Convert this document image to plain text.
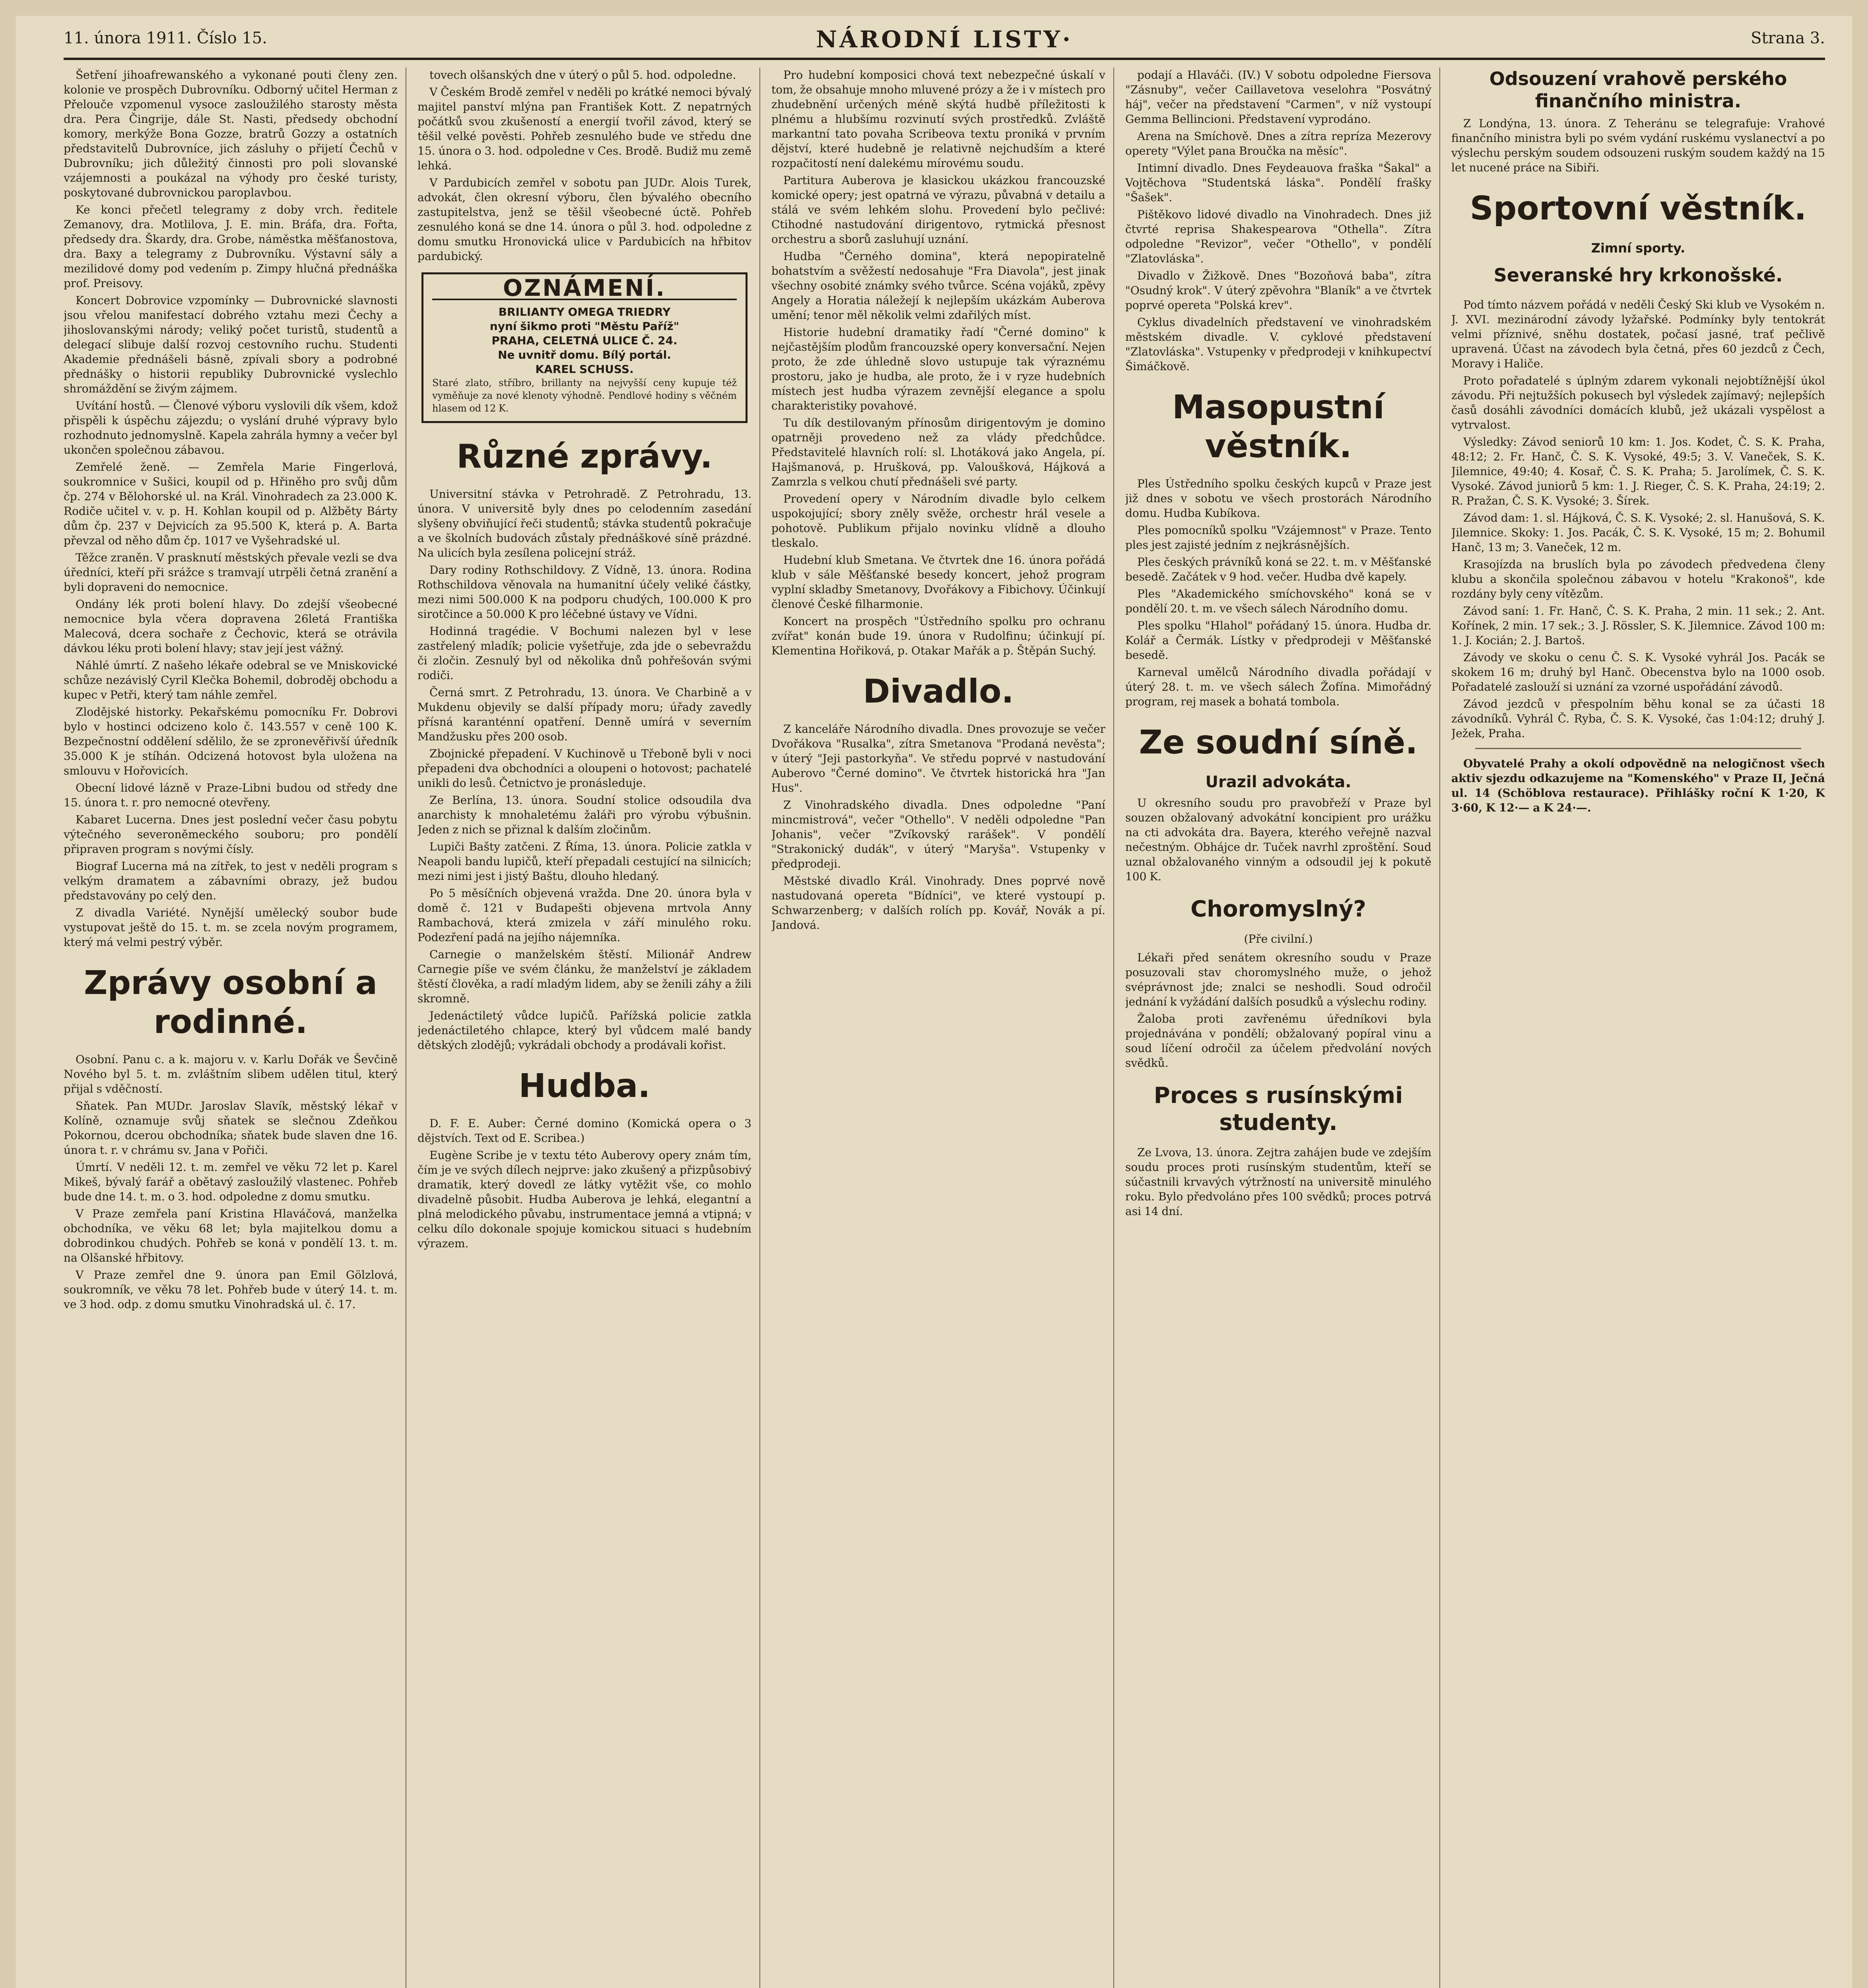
11. února 1911. Číslo 15.	NÁRODNÍ LISTY·	Strana 3.

Šetření jihoafrewanského a vykonané pouti členy zen. kolonie ve prospěch Dubrovníku. Odborný učitel Herman z Přelouče vzpomenul vysoce zasloužilého starosty města dra. Pera Čingrije, dále St. Nasti, předsedy obchodní komory, merkýže Bona Gozze, bratrů Gozzy a ostatních představitelů Dubrovníce, jich zásluhy o přijetí Čechů v Dubrovníku; jich důležitý činnosti pro poli slovanské vzájemnosti a poukázal na výhody pro české turisty, poskytované dubrovnickou paroplavbou.

Ke konci přečetl telegramy z doby vrch. ředitele Zemanovy, dra. Motlilova, J. E. min. Bráfa, dra. Fořta, předsedy dra. Škardy, dra. Grobe, náměstka měšťanostova, dra. Baxy a telegramy z Dubrovníku. Výstavní sály a mezilidové domy pod vedením p. Zimpy hlučná přednáška prof. Preisovy.

Koncert Dobrovice vzpomínky — Dubrovnické slavnosti jsou vřelou manifestací dobrého vztahu mezi Čechy a jihoslovanskými národy; veliký počet turistů, studentů a delegací slibuje další rozvoj cestovního ruchu. Studenti Akademie přednášeli básně, zpívali sbory a podrobné přednášky o historii republiky Dubrovnické vyslechlo shromáždění se živým zájmem.

Uvítání hostů. — Členové výboru vyslovili dík všem, kdož přispěli k úspěchu zájezdu; o vyslání druhé výpravy bylo rozhodnuto jednomyslně. Kapela zahrála hymny a večer byl ukončen společnou zábavou.

Zemřelé ženě. — Zemřela Marie Fingerlová, soukromnice v Sušici, koupil od p. Hřiněho pro svůj dům čp. 274 v Bělohorské ul. na Král. Vinohradech za 23.000 K. Rodiče učitel v. v. p. H. Kohlan koupil od p. Alžběty Bárty dům čp. 237 v Dejvicích za 95.500 K, která p. A. Barta převzal od něho dům čp. 1017 ve Vyšehradské ul.

Těžce zraněn. V prasknutí městských převale vezli se dva úředníci, kteří při srážce s tramvají utrpěli četná zranění a byli dopraveni do nemocnice.

Ondány lék proti bolení hlavy. Do zdejší všeobecné nemocnice byla včera dopravena 26letá Františka Malecová, dcera sochaře z Čechovic, která se otrávila dávkou léku proti bolení hlavy; stav její jest vážný.

Náhlé úmrtí. Z našeho lékaře odebral se ve Mniskovické schůze nezávislý Cyril Klečka Bohemil, dobroděj obchodu a kupec v Petři, který tam náhle zemřel.

Zlodějské historky. Pekařskému pomocníku Fr. Dobrovi bylo v hostinci odcizeno kolo č. 143.557 v ceně 100 K. Bezpečnostní oddělení sdělilo, že se zpronevěřivší úředník 35.000 K je stíhán. Odcizená hotovost byla uložena na smlouvu v Hořovicích.

Obecní lidové lázně v Praze-Libni budou od středy dne 15. února t. r. pro nemocné otevřeny.

Kabaret Lucerna. Dnes jest poslední večer času pobytu výtečného severoněmeckého souboru; pro pondělí připraven program s novými čísly.

Biograf Lucerna má na zítřek, to jest v neděli program s velkým dramatem a zábavními obrazy, jež budou představovány po celý den.

Z divadla Variété. Nynější umělecký soubor bude vystupovat ještě do 15. t. m. se zcela novým programem, který má velmi pestrý výběr.

Zprávy osobní a rodinné.

Osobní. Panu c. a k. majoru v. v. Karlu Dořák ve Ševčině Nového byl 5. t. m. zvláštním slibem udělen titul, který přijal s vděčností.

Sňatek. Pan MUDr. Jaroslav Slavík, městský lékař v Kolíně, oznamuje svůj sňatek se slečnou Zdeňkou Pokornou, dcerou obchodníka; sňatek bude slaven dne 16. února t. r. v chrámu sv. Jana v Pořiči.

Úmrtí. V neděli 12. t. m. zemřel ve věku 72 let p. Karel Mikeš, bývalý farář a obětavý zasloužilý vlastenec. Pohřeb bude dne 14. t. m. o 3. hod. odpoledne z domu smutku.

V Praze zemřela paní Kristina Hlaváčová, manželka obchodníka, ve věku 68 let; byla majitelkou domu a dobrodinkou chudých. Pohřeb se koná v pondělí 13. t. m. na Olšanské hřbitovy.

V Praze zemřel dne 9. února pan Emil Gölzlová, soukromník, ve věku 78 let. Pohřeb bude v úterý 14. t. m. ve 3 hod. odp. z domu smutku Vinohradská ul. č. 17.

tovech olšanských dne v úterý o půl 5. hod. odpoledne.

V Českém Brodě zemřel v neděli po krátké nemoci bývalý majitel panství mlýna pan František Kott. Z nepatrných počátků svou zkušeností a energií tvořil závod, který se těšil velké pověsti. Pohřeb zesnulého bude ve středu dne 15. února o 3. hod. odpoledne v Ces. Brodě. Budiž mu země lehká.

V Pardubicích zemřel v sobotu pan JUDr. Alois Turek, advokát, člen okresní výboru, člen bývalého obecního zastupitelstva, jenž se těšil všeobecné úctě. Pohřeb zesnulého koná se dne 14. února o půl 3. hod. odpoledne z domu smutku Hronovická ulice v Pardubicích na hřbitov pardubický.

OZNÁMENÍ.
BRILIANTY OMEGA TRIEDRY
nyní šikmo proti "Městu Paříž"
PRAHA, CELETNÁ ULICE Č. 24.
Ne uvnitř domu. Bílý portál.
KAREL SCHUSS.
Staré zlato, stříbro, brillanty na nejvyšší ceny kupuje též vyměňuje za nové klenoty výhodně. Pendlové hodiny s věčném hlasem od 12 K.
Různé zprávy.

Universitní stávka v Petrohradě. Z Petrohradu, 13. února. V universitě byly dnes po celodenním zasedání slyšeny obviňující řeči studentů; stávka studentů pokračuje a ve školních budovách zůstaly přednáškové síně prázdné. Na ulicích byla zesílena policejní stráž.

Dary rodiny Rothschildovy. Z Vídně, 13. února. Rodina Rothschildova věnovala na humanitní účely veliké částky, mezi nimi 500.000 K na podporu chudých, 100.000 K pro sirotčince a 50.000 K pro léčebné ústavy ve Vídni.

Hodinná tragédie. V Bochumi nalezen byl v lese zastřelený mladík; policie vyšetřuje, zda jde o sebevraždu či zločin. Zesnulý byl od několika dnů pohřešován svými rodiči.

Černá smrt. Z Petrohradu, 13. února. Ve Charbině a v Mukdenu objevily se další případy moru; úřady zavedly přísná karanténní opatření. Denně umírá v severním Mandžusku přes 200 osob.

Zbojnické přepadení. V Kuchinově u Třeboně byli v noci přepadeni dva obchodníci a oloupeni o hotovost; pachatelé unikli do lesů. Četnictvo je pronásleduje.

Ze Berlína, 13. února. Soudní stolice odsoudila dva anarchisty k mnohaletému žaláři pro výrobu výbušnin. Jeden z nich se přiznal k dalším zločinům.

Lupiči Bašty zatčeni. Z Říma, 13. února. Policie zatkla v Neapoli bandu lupičů, kteří přepadali cestující na silnicích; mezi nimi jest i jistý Baštu, dlouho hledaný.

Po 5 měsíčních objevená vražda. Dne 20. února byla v domě č. 121 v Budapešti objevena mrtvola Anny Rambachová, která zmizela v září minulého roku. Podezření padá na jejího nájemníka.

Carnegie o manželském štěstí. Milionář Andrew Carnegie píše ve svém článku, že manželství je základem štěstí člověka, a radí mladým lidem, aby se ženili záhy a žili skromně.

Jedenáctiletý vůdce lupičů. Pařížská policie zatkla jedenáctiletého chlapce, který byl vůdcem malé bandy dětských zlodějů; vykrádali obchody a prodávali kořist.

Hudba.

D. F. E. Auber: Černé domino (Komická opera o 3 dějstvích. Text od E. Scribea.)

Eugène Scribe je v textu této Auberovy opery znám tím, čím je ve svých dílech nejprve: jako zkušený a přizpůsobivý dramatik, který dovedl ze látky vytěžit vše, co mohlo divadelně působit. Hudba Auberova je lehká, elegantní a plná melodického půvabu, instrumentace jemná a vtipná; v celku dílo dokonale spojuje komickou situaci s hudebním výrazem.

Pro hudební komposici chová text nebezpečné úskalí v tom, že obsahuje mnoho mluvené prózy a že i v místech pro zhudebnění určených méně skýtá hudbě příležitosti k plnému a hlubšímu rozvinutí svých prostředků. Zvláště markantní tato povaha Scribeova textu proniká v prvním dějství, které hudebně je relativně nejchudším a které rozpačitostí není dalekému mírovému soudu.

Partitura Auberova je klasickou ukázkou francouzské komické opery; jest opatrná ve výrazu, půvabná v detailu a stálá ve svém lehkém slohu. Provedení bylo pečlivé: Ctihodné nastudování dirigentovo, rytmická přesnost orchestru a sborů zasluhují uznání.

Hudba "Černého domina", která nepopiratelně bohatstvím a svěžestí nedosahuje "Fra Diavola", jest jinak všechny osobité známky svého tvůrce. Scéna vojáků, zpěvy Angely a Horatia náležejí k nejlepším ukázkám Auberova umění; tenor měl několik velmi zdařilých míst.

Historie hudební dramatiky řadí "Černé domino" k nejčastějším plodům francouzské opery konversační. Nejen proto, že zde úhledně slovo ustupuje tak výraznému prostoru, jako je hudba, ale proto, že i v ryze hudebních místech jest hudba výrazem zevnější elegance a spolu charakteristiky povahové.

Tu dík destilovaným přínosům dirigentovým je domino opatrněji provedeno než za vlády předchůdce. Představitelé hlavních rolí: sl. Lhotáková jako Angela, pí. Hajšmanová, p. Hrušková, pp. Valoušková, Hájková a Zamrzla s velkou chutí přednášeli své party.

Provedení opery v Národním divadle bylo celkem uspokojující; sbory zněly svěže, orchestr hrál vesele a pohotově. Publikum přijalo novinku vlídně a dlouho tleskalo.

Hudební klub Smetana. Ve čtvrtek dne 16. února pořádá klub v sále Měšťanské besedy koncert, jehož program vyplní skladby Smetanovy, Dvořákovy a Fibichovy. Účinkují členové České filharmonie.

Koncert na prospěch "Ústředního spolku pro ochranu zvířat" konán bude 19. února v Rudolfinu; účinkují pí. Klementina Hořiková, p. Otakar Mařák a p. Štěpán Suchý.

Divadlo.

Z kanceláře Národního divadla. Dnes provozuje se večer Dvořákova "Rusalka", zítra Smetanova "Prodaná nevěsta"; v úterý "Jeji pastorkyňa". Ve středu poprvé v nastudování Auberovo "Černé domino". Ve čtvrtek historická hra "Jan Hus".

Z Vinohradského divadla. Dnes odpoledne "Paní mincmistrová", večer "Othello". V neděli odpoledne "Pan Johanis", večer "Zvíkovský rarášek". V pondělí "Strakonický dudák", v úterý "Maryša". Vstupenky v předprodeji.

Městské divadlo Král. Vinohrady. Dnes poprvé nově nastudovaná opereta "Bídníci", ve které vystoupí p. Schwarzenberg; v dalších rolích pp. Kovář, Novák a pí. Jandová.

podají a Hlaváči. (IV.) V sobotu odpoledne Fiersova "Zásnuby", večer Caillavetova veselohra "Posvátný háj", večer na představení "Carmen", v níž vystoupí Gemma Bellincioni. Představení vyprodáno.

Arena na Smíchově. Dnes a zítra repríza Mezerovy operety "Výlet pana Broučka na měsíc".

Intimní divadlo. Dnes Feydeauova fraška "Šakal" a Vojtěchova "Studentská láska". Pondělí frašky "Šašek".

Pištěkovo lidové divadlo na Vinohradech. Dnes již čtvrté reprisa Shakespearova "Othella". Zítra odpoledne "Revizor", večer "Othello", v pondělí "Zlatovláska".

Divadlo v Žižkově. Dnes "Bozoňová baba", zítra "Osudný krok". V úterý zpěvohra "Blaník" a ve čtvrtek poprvé opereta "Polská krev".

Cyklus divadelních představení ve vinohradském městském divadle. V. cyklové představení "Zlatovláska". Vstupenky v předprodeji v knihkupectví Šimáčkově.

Masopustní věstník.

Ples Ústředního spolku českých kupců v Praze jest již dnes v sobotu ve všech prostorách Národního domu. Hudba Kubíkova.

Ples pomocníků spolku "Vzájemnost" v Praze. Tento ples jest zajisté jedním z nejkrásnějších.

Ples českých právníků koná se 22. t. m. v Měšťanské besedě. Začátek v 9 hod. večer. Hudba dvě kapely.

Ples "Akademického smíchovského" koná se v pondělí 20. t. m. ve všech sálech Národního domu.

Ples spolku "Hlahol" pořádaný 15. února. Hudba dr. Kolář a Čermák. Lístky v předprodeji v Měšťanské besedě.

Karneval umělců Národního divadla pořádají v úterý 28. t. m. ve všech sálech Žofína. Mimořádný program, rej masek a bohatá tombola.

Ze soudní síně.
Urazil advokáta.

U okresního soudu pro pravobřeží v Praze byl souzen obžalovaný advokátní koncipient pro urážku na cti advokáta dra. Bayera, kterého veřejně nazval nečestným. Obhájce dr. Tuček navrhl zproštění. Soud uznal obžalovaného vinným a odsoudil jej k pokutě 100 K.

Choromyslný?
(Pře civilní.)

Lékaři před senátem okresního soudu v Praze posuzovali stav choromyslného muže, o jehož svéprávnost jde; znalci se neshodli. Soud odročil jednání k vyžádání dalších posudků a výslechu rodiny.

Žaloba proti zavřenému úředníkovi byla projednávána v pondělí; obžalovaný popíral vinu a soud líčení odročil za účelem předvolání nových svědků.

Proces s rusínskými studenty.

Ze Lvova, 13. února. Zejtra zahájen bude ve zdejším soudu proces proti rusínským studentům, kteří se súčastnili krvavých výtržností na universitě minulého roku. Bylo předvoláno přes 100 svědků; proces potrvá asi 14 dní.

Odsouzení vrahově perského finančního ministra.

Z Londýna, 13. února. Z Teheránu se telegrafuje: Vrahové finančního ministra byli po svém vydání ruskému vyslanectví a po výslechu perským soudem odsouzeni ruským soudem každý na 15 let nucené práce na Sibiři.

Sportovní věstník.
Zimní sporty.
Severanské hry krkonošské.

Pod tímto názvem pořádá v neděli Český Ski klub ve Vysokém n. J. XVI. mezinárodní závody lyžařské. Podmínky byly tentokrát velmi příznivé, sněhu dostatek, počasí jasné, trať pečlivě upravená. Účast na závodech byla četná, přes 60 jezdců z Čech, Moravy i Haliče.

Proto pořadatelé s úplným zdarem vykonali nejobtížnější úkol závodu. Při nejtužších pokusech byl výsledek zajímavý; nejlepších časů dosáhli závodníci domácích klubů, jež ukázali vyspělost a vytrvalost.

Výsledky: Závod seniorů 10 km: 1. Jos. Kodet, Č. S. K. Praha, 48:12; 2. Fr. Hanč, Č. S. K. Vysoké, 49:5; 3. V. Vaneček, S. K. Jilemnice, 49:40; 4. Kosař, Č. S. K. Praha; 5. Jarolímek, Č. S. K. Vysoké. Závod juniorů 5 km: 1. J. Rieger, Č. S. K. Praha, 24:19; 2. R. Pražan, Č. S. K. Vysoké; 3. Šírek.

Závod dam: 1. sl. Hájková, Č. S. K. Vysoké; 2. sl. Hanušová, S. K. Jilemnice. Skoky: 1. Jos. Pacák, Č. S. K. Vysoké, 15 m; 2. Bohumil Hanč, 13 m; 3. Vaneček, 12 m.

Krasojízda na bruslích byla po závodech předvedena členy klubu a skončila společnou zábavou v hotelu "Krakonoš", kde rozdány byly ceny vítězům.

Závod saní: 1. Fr. Hanč, Č. S. K. Praha, 2 min. 11 sek.; 2. Ant. Kořínek, 2 min. 17 sek.; 3. J. Rössler, S. K. Jilemnice. Závod 100 m: 1. J. Kocián; 2. J. Bartoš.

Závody ve skoku o cenu Č. S. K. Vysoké vyhrál Jos. Pacák se skokem 16 m; druhý byl Hanč. Obecenstva bylo na 1000 osob. Pořadatelé zaslouží si uznání za vzorné uspořádání závodů.

Závod jezdců v přespolním běhu konal se za účasti 18 závodníků. Vyhrál Č. Ryba, Č. S. K. Vysoké, čas 1:04:12; druhý J. Ježek, Praha.

Obyvatelé Prahy a okolí odpovědně na nelogičnost všech aktiv sjezdu odkazujeme na "Komenského" v Praze II, Ječná ul. 14 (Schöblova restaurace). Přihlášky roční K 1·20, K 3·60, K 12·— a K 24·—.
